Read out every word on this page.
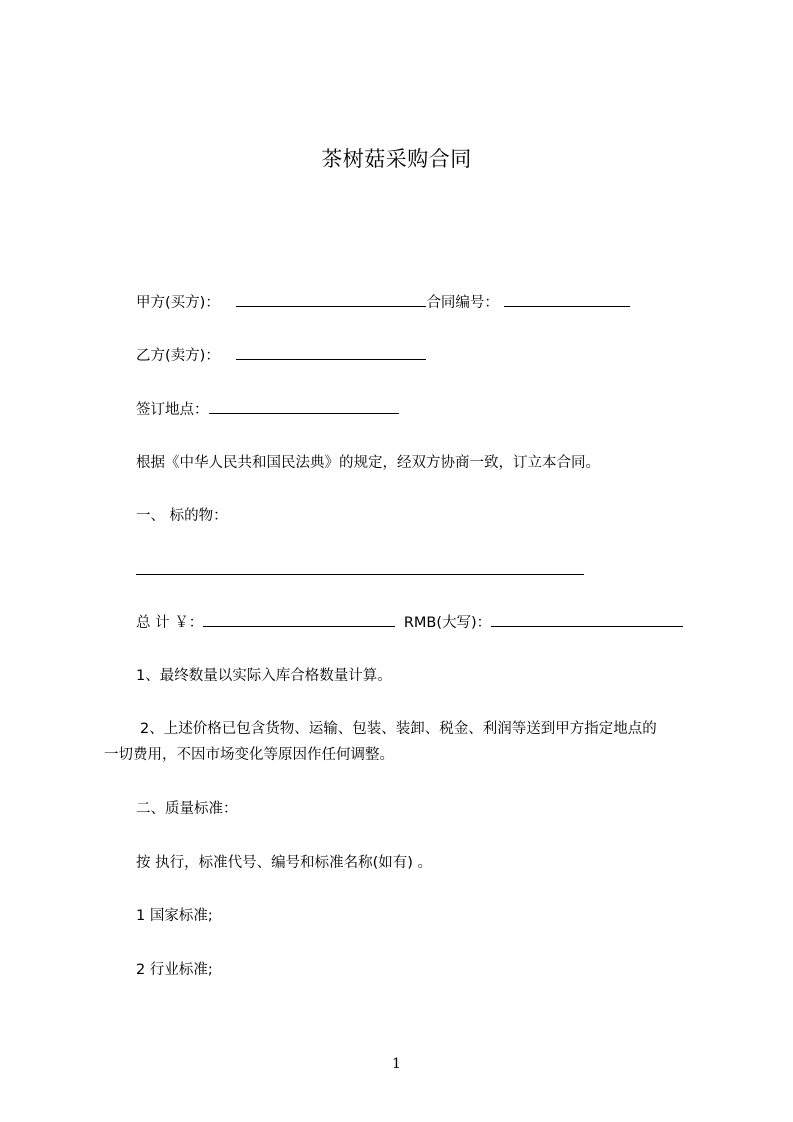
茶树菇采购合同
甲方(买方)：	合同编号：
乙方(卖方)：
签订地点：
根据《中华人民共和国民法典》的规定，经双方协商一致，订立本合同。
一、 标的物：
总 计 ￥：	RMB(大写)：
1、最终数量以实际入库合格数量计算。
2、上述价格已包含货物、运输、包装、装卸、税金、利润等送到甲方指定地点的
一切费用，不因市场变化等原因作任何调整。
二、质量标准：
按 执行，标准代号、编号和标准名称(如有) 。
1 国家标准;
2 行业标准;
1
